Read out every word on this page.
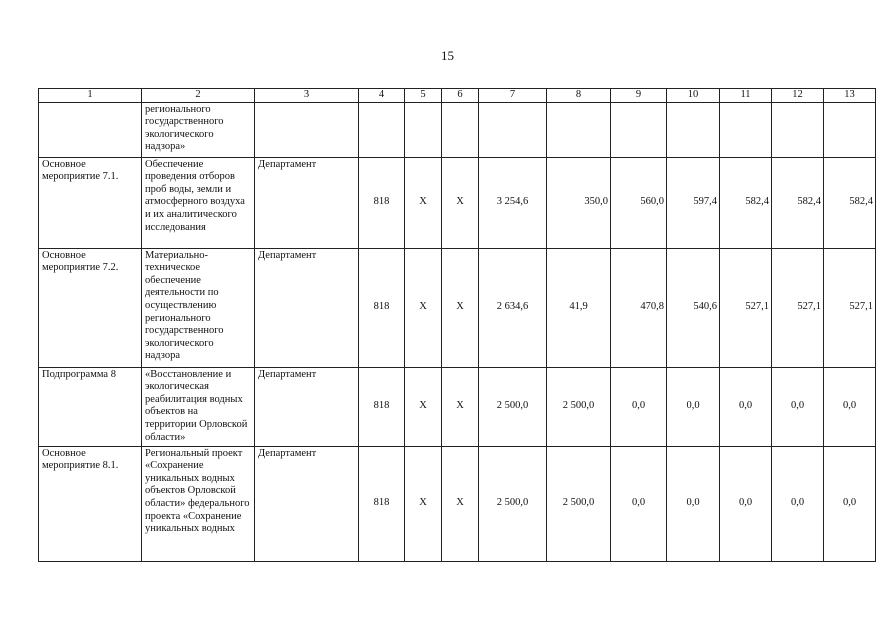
15
1	2	3	4	5	6	7	8	9	10	11	12	13
	регионального государственного экологического надзора»											
Основное мероприятие 7.1.	Обеспечение проведения отборов проб воды, земли и атмосферного воздуха и их аналитического исследования	Департамент	818	X	X	3 254,6	350,0	560,0	597,4	582,4	582,4	582,4
Основное мероприятие 7.2.	Материально-техническое обеспечение деятельности по осуществлению регионального государственного экологического надзора	Департамент	818	X	X	2 634,6	41,9	470,8	540,6	527,1	527,1	527,1
Подпрограмма 8	«Восстановление и экологическая реабилитация водных объектов на территории Орловской области»	Департамент	818	X	X	2 500,0	2 500,0	0,0	0,0	0,0	0,0	0,0
Основное мероприятие 8.1.	Региональный проект «Сохранение уникальных водных объектов Орловской области» федерального проекта «Сохранение уникальных водных	Департамент	818	X	X	2 500,0	2 500,0	0,0	0,0	0,0	0,0	0,0
